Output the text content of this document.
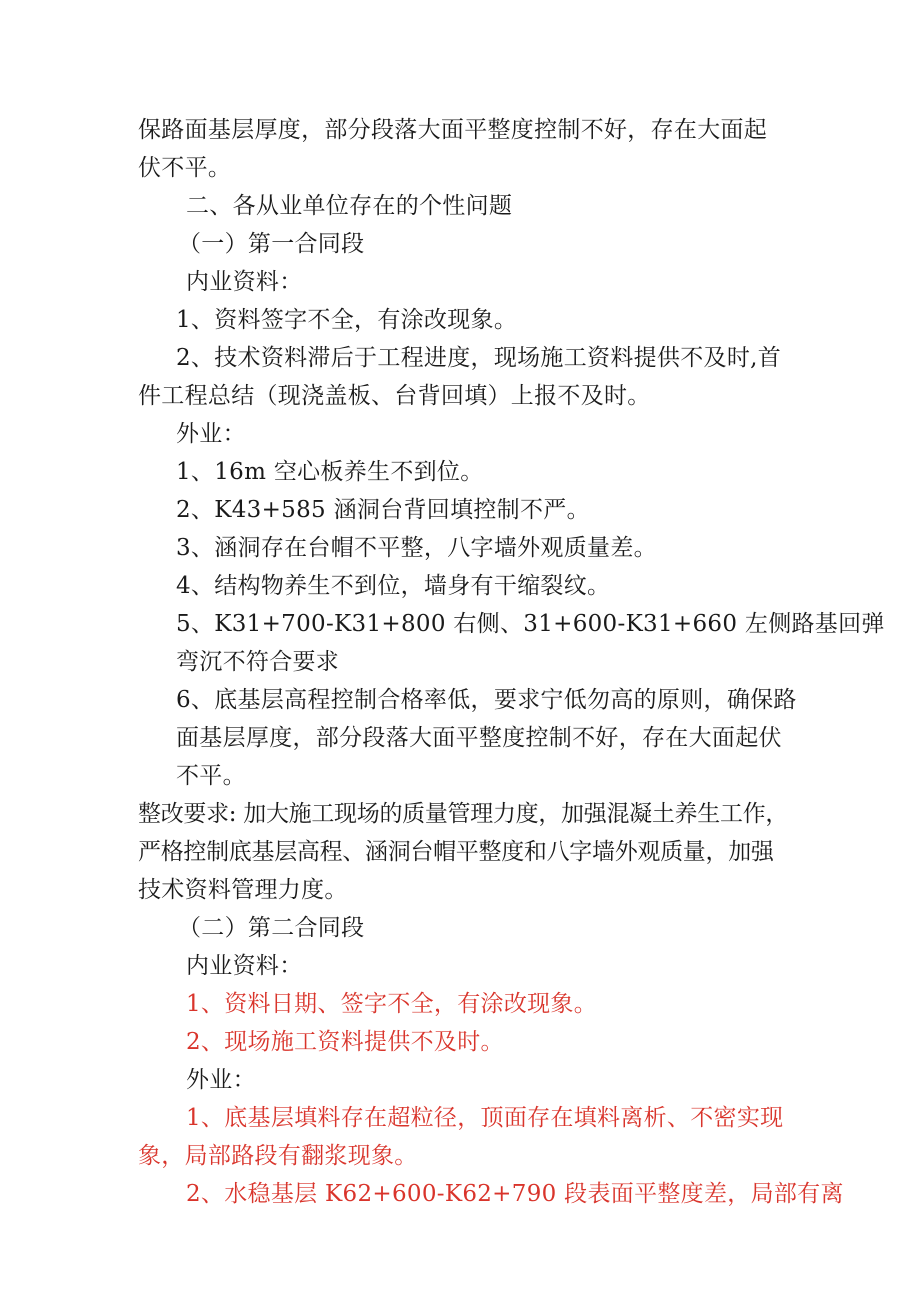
保路面基层厚度，部分段落大面平整度控制不好，存在大面起
伏不平。
二、各从业单位存在的个性问题
（一）第一合同段
内业资料：
1、资料签字不全，有涂改现象。
2、技术资料滞后于工程进度，现场施工资料提供不及时,首
件工程总结（现浇盖板、台背回填）上报不及时。
外业：
1、16m 空心板养生不到位。
2、K43+585 涵洞台背回填控制不严。
3、涵洞存在台帽不平整，八字墙外观质量差。
4、结构物养生不到位，墙身有干缩裂纹。
5、K31+700-K31+800 右侧、31+600-K31+660 左侧路基回弹
弯沉不符合要求
6、底基层高程控制合格率低，要求宁低勿高的原则，确保路
面基层厚度，部分段落大面平整度控制不好，存在大面起伏
不平。
整改要求: 加大施工现场的质量管理力度，加强混凝土养生工作，
严格控制底基层高程、涵洞台帽平整度和八字墙外观质量，加强
技术资料管理力度。
（二）第二合同段
内业资料：
1、资料日期、签字不全，有涂改现象。
2、现场施工资料提供不及时。
外业：
1、底基层填料存在超粒径，顶面存在填料离析、不密实现
象，局部路段有翻浆现象。
2、水稳基层 K62+600-K62+790 段表面平整度差，局部有离
